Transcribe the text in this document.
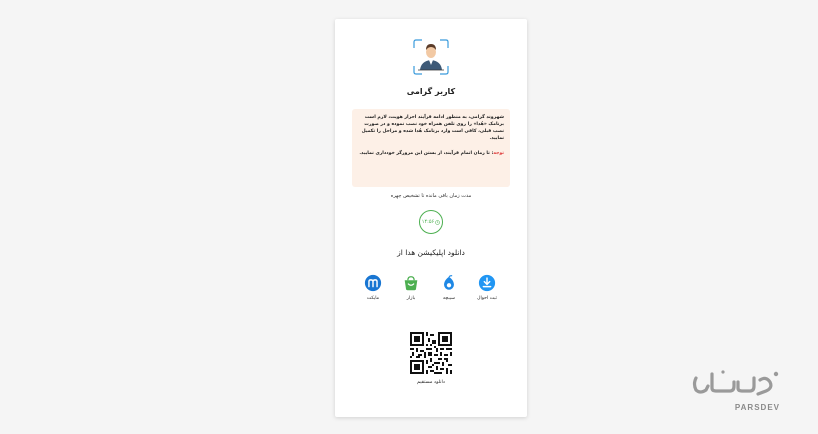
کاربر گرامی
شهروند گرامی، به منظور ادامه فرآیند احراز هویت، لازم است برنامک «هُدا» را روی تلفن همراه خود نصب نموده و در صورت نصب قبلی، کافی است وارد برنامک هُدا شده و مراحل را تکمیل نمایید.
توجه: تا زمان اتمام فرآیند، از بستن این مرورگر خودداری نمایید.
مدت زمان باقی مانده تا تشخیص چهره
۱۴:۵۶
دانلود اپلیکیشن هدا از
ثبت احوال
سیبچه
بازار
مایکت
دانلود مستقیم
PARSDEV
